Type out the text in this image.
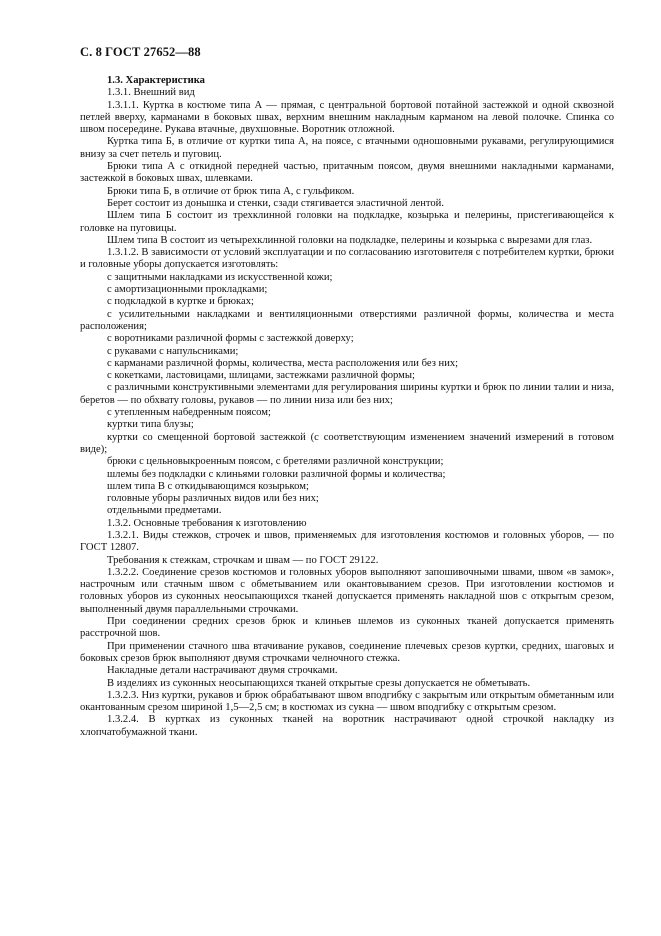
С. 8 ГОСТ 27652—88

1.3. Характеристика

1.3.1. Внешний вид

1.3.1.1. Куртка в костюме типа А — прямая, с центральной бортовой потайной застежкой и одной сквозной петлей вверху, карманами в боковых швах, верхним внешним накладным карманом на левой полочке. Спинка со швом посередине. Рукава втачные, двухшовные. Воротник отложной.

Куртка типа Б, в отличие от куртки типа А, на поясе, с втачными одношовными рукавами, регулирующимися внизу за счет петель и пуговиц.

Брюки типа А с откидной передней частью, притачным поясом, двумя внешними накладными карманами, застежкой в боковых швах, шлевками.

Брюки типа Б, в отличие от брюк типа А, с гульфиком.

Берет состоит из донышка и стенки, сзади стягивается эластичной лентой.

Шлем типа Б состоит из трехклинной головки на подкладке, козырька и пелерины, пристегивающейся к головке на пуговицы.

Шлем типа В состоит из четырехклинной головки на подкладке, пелерины и козырька с вырезами для глаз.

1.3.1.2. В зависимости от условий эксплуатации и по согласованию изготовителя с потребителем куртки, брюки и головные уборы допускается изготовлять:

с защитными накладками из искусственной кожи;

с амортизационными прокладками;

с подкладкой в куртке и брюках;

с усилительными накладками и вентиляционными отверстиями различной формы, количества и места расположения;

с воротниками различной формы с застежкой доверху;

с рукавами с напульсниками;

с карманами различной формы, количества, места расположения или без них;

с кокетками, ластовицами, шлицами, застежками различной формы;

с различными конструктивными элементами для регулирования ширины куртки и брюк по линии талии и низа, беретов — по обхвату головы, рукавов — по линии низа или без них;

с утепленным набедренным поясом;

куртки типа блузы;

куртки со смещенной бортовой застежкой (с соответствующим изменением значений измерений в готовом виде);

брюки с цельновыкроенным поясом, с бретелями различной конструкции;

шлемы без подкладки с клиньями головки различной формы и количества;

шлем типа В с откидывающимся козырьком;

головные уборы различных видов или без них;

отдельными предметами.

1.3.2. Основные требования к изготовлению

1.3.2.1. Виды стежков, строчек и швов, применяемых для изготовления костюмов и головных уборов, — по ГОСТ 12807.

Требования к стежкам, строчкам и швам — по ГОСТ 29122.

1.3.2.2. Соединение срезов костюмов и головных уборов выполняют запошивочными швами, швом «в замок», настрочным или стачным швом с обметыванием или окантовыванием срезов. При изготовлении костюмов и головных уборов из суконных неосыпающихся тканей допускается применять накладной шов с открытым срезом, выполненный двумя параллельными строчками.

При соединении средних срезов брюк и клиньев шлемов из суконных тканей допускается применять расстрочной шов.

При применении стачного шва втачивание рукавов, соединение плечевых срезов куртки, средних, шаговых и боковых срезов брюк выполняют двумя строчками челночного стежка.

Накладные детали настрачивают двумя строчками.

В изделиях из суконных неосыпающихся тканей открытые срезы допускается не обметывать.

1.3.2.3. Низ куртки, рукавов и брюк обрабатывают швом вподгибку с закрытым или открытым обметанным или окантованным срезом шириной 1,5—2,5 см; в костюмах из сукна — швом вподгибку с открытым срезом.

1.3.2.4. В куртках из суконных тканей на воротник настрачивают одной строчкой накладку из хлопчатобумажной ткани.
